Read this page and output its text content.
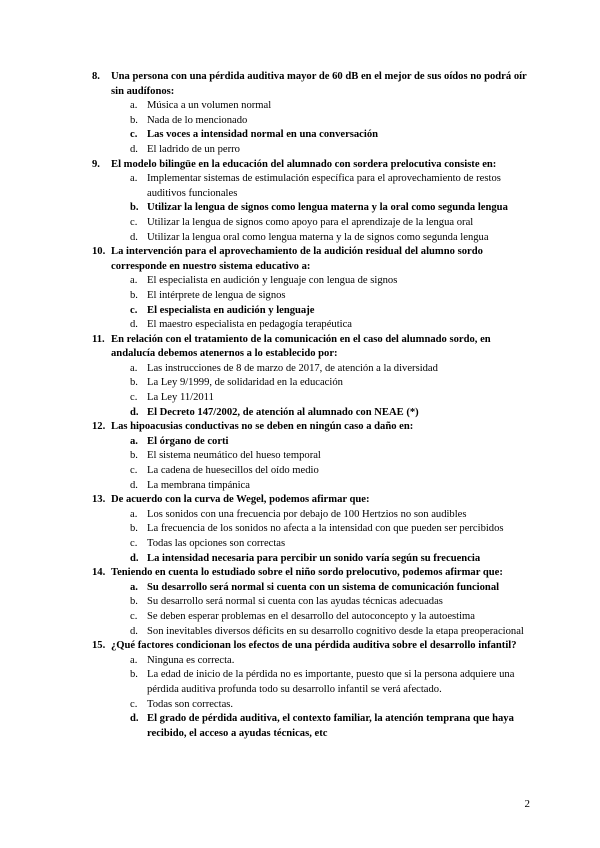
8.	Una persona con una pérdida auditiva mayor de 60 dB en el mejor de sus oídos no podrá oír sin audífonos:
a. Música a un volumen normal
b. Nada de lo mencionado
c. Las voces a intensidad normal en una conversación
d. El ladrido de un perro
9.	El modelo bilingüe en la educación del alumnado con sordera prelocutiva consiste en:
a. Implementar sistemas de estimulación específica para el aprovechamiento de restos auditivos funcionales
b. Utilizar la lengua de signos como lengua materna y la oral como segunda lengua
c. Utilizar la lengua de signos como apoyo para el aprendizaje de la lengua oral
d. Utilizar la lengua oral como lengua materna y la de signos como segunda lengua
10. La intervención para el aprovechamiento de la audición residual del alumno sordo corresponde en nuestro sistema educativo a:
a. El especialista en audición y lenguaje con lengua de signos
b. El intérprete de lengua de signos
c. El especialista en audición y lenguaje
d. El maestro especialista en pedagogía terapéutica
11. En relación con el tratamiento de la comunicación en el caso del alumnado sordo, en andalucía debemos atenernos a lo establecido por:
a. Las instrucciones de 8 de marzo de 2017, de atención a la diversidad
b. La Ley 9/1999, de solidaridad en la educación
c. La Ley 11/2011
d. El Decreto 147/2002, de atención al alumnado con NEAE (*)
12. Las hipoacusias conductivas no se deben en ningún caso a daño en:
a. El órgano de corti
b. El sistema neumático del hueso temporal
c. La cadena de huesecillos del oído medio
d. La membrana timpánica
13. De acuerdo con la curva de Wegel, podemos afirmar que:
a. Los sonidos con una frecuencia por debajo de 100 Hertzios no son audibles
b. La frecuencia de los sonidos no afecta a la intensidad con que pueden ser percibidos
c. Todas las opciones son correctas
d. La intensidad necesaria para percibir un sonido varía según su frecuencia
14. Teniendo en cuenta lo estudiado sobre el niño sordo prelocutivo, podemos afirmar que:
a. Su desarrollo será normal si cuenta con un sistema de comunicación funcional
b. Su desarrollo será normal si cuenta con las ayudas técnicas adecuadas
c. Se deben esperar problemas en el desarrollo del autoconcepto y la autoestima
d. Son inevitables diversos déficits en su desarrollo cognitivo desde la etapa preoperacional
15. ¿Qué factores condicionan los efectos de una pérdida auditiva sobre el desarrollo infantil?
a. Ninguna es correcta.
b. La edad de inicio de la pérdida no es importante, puesto que si la persona adquiere una pérdida auditiva profunda todo su desarrollo infantil se verá afectado.
c. Todas son correctas.
d. El grado de pérdida auditiva, el contexto familiar, la atención temprana que haya recibido, el acceso a ayudas técnicas, etc
2
